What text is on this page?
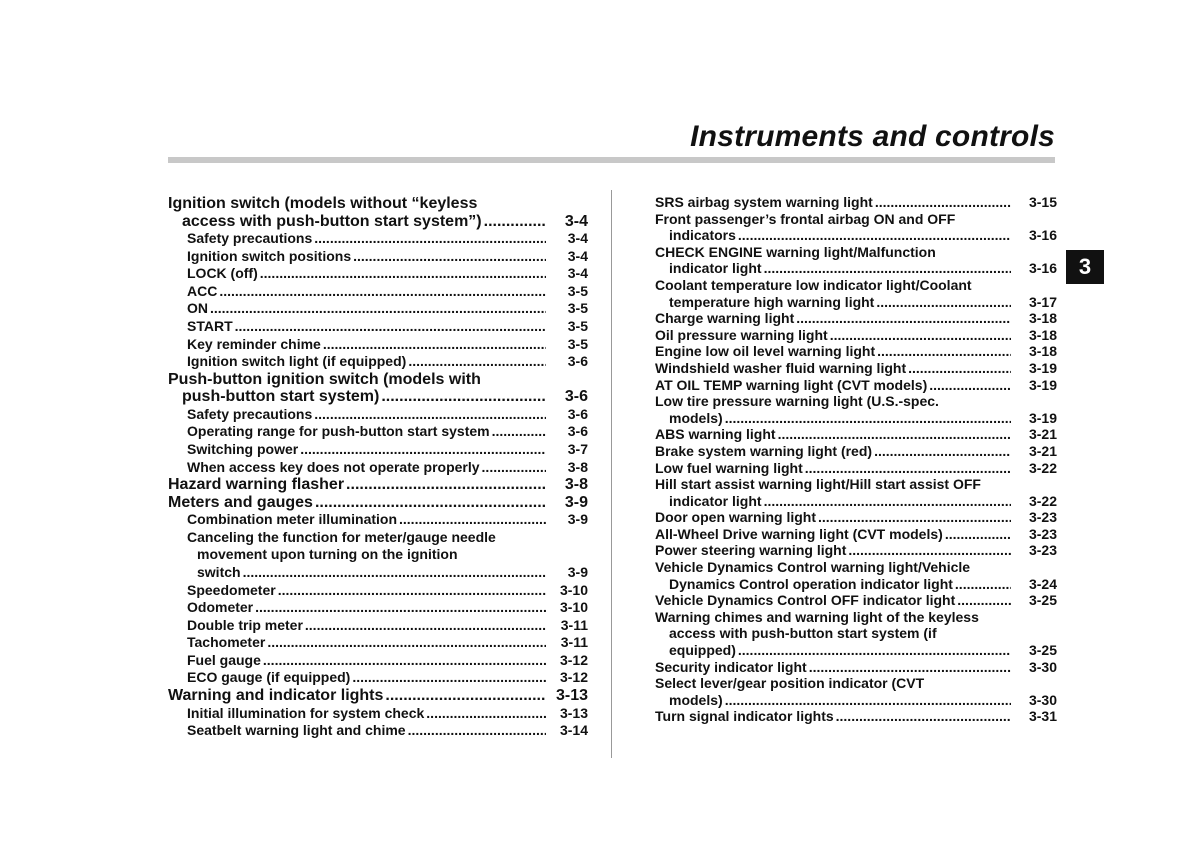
Instruments and controls
3
Ignition switch (models without “keyless
access with push-button start system”) .....	3-4
Safety precautions .....	3-4
Ignition switch positions .....	3-4
LOCK (off) .....	3-4
ACC .....	3-5
ON .....	3-5
START .....	3-5
Key reminder chime .....	3-5
Ignition switch light (if equipped) .....	3-6
Push-button ignition switch (models with
push-button start system) .....	3-6
Safety precautions .....	3-6
Operating range for push-button start system .....	3-6
Switching power .....	3-7
When access key does not operate properly .....	3-8
Hazard warning flasher .....	3-8
Meters and gauges .....	3-9
Combination meter illumination .....	3-9
Canceling the function for meter/gauge needle
movement upon turning on the ignition
switch .....	3-9
Speedometer .....	3-10
Odometer .....	3-10
Double trip meter .....	3-11
Tachometer .....	3-11
Fuel gauge .....	3-12
ECO gauge (if equipped) .....	3-12
Warning and indicator lights .....	3-13
Initial illumination for system check .....	3-13
Seatbelt warning light and chime .....	3-14
SRS airbag system warning light .....	3-15
Front passenger’s frontal airbag ON and OFF
indicators .....	3-16
CHECK ENGINE warning light/Malfunction
indicator light .....	3-16
Coolant temperature low indicator light/Coolant
temperature high warning light .....	3-17
Charge warning light .....	3-18
Oil pressure warning light .....	3-18
Engine low oil level warning light .....	3-18
Windshield washer fluid warning light .....	3-19
AT OIL TEMP warning light (CVT models) .....	3-19
Low tire pressure warning light (U.S.-spec.
models) .....	3-19
ABS warning light .....	3-21
Brake system warning light (red) .....	3-21
Low fuel warning light .....	3-22
Hill start assist warning light/Hill start assist OFF
indicator light .....	3-22
Door open warning light .....	3-23
All-Wheel Drive warning light (CVT models) .....	3-23
Power steering warning light .....	3-23
Vehicle Dynamics Control warning light/Vehicle
Dynamics Control operation indicator light .....	3-24
Vehicle Dynamics Control OFF indicator light .....	3-25
Warning chimes and warning light of the keyless
access with push-button start system (if
equipped) .....	3-25
Security indicator light .....	3-30
Select lever/gear position indicator (CVT
models) .....	3-30
Turn signal indicator lights .....	3-31
